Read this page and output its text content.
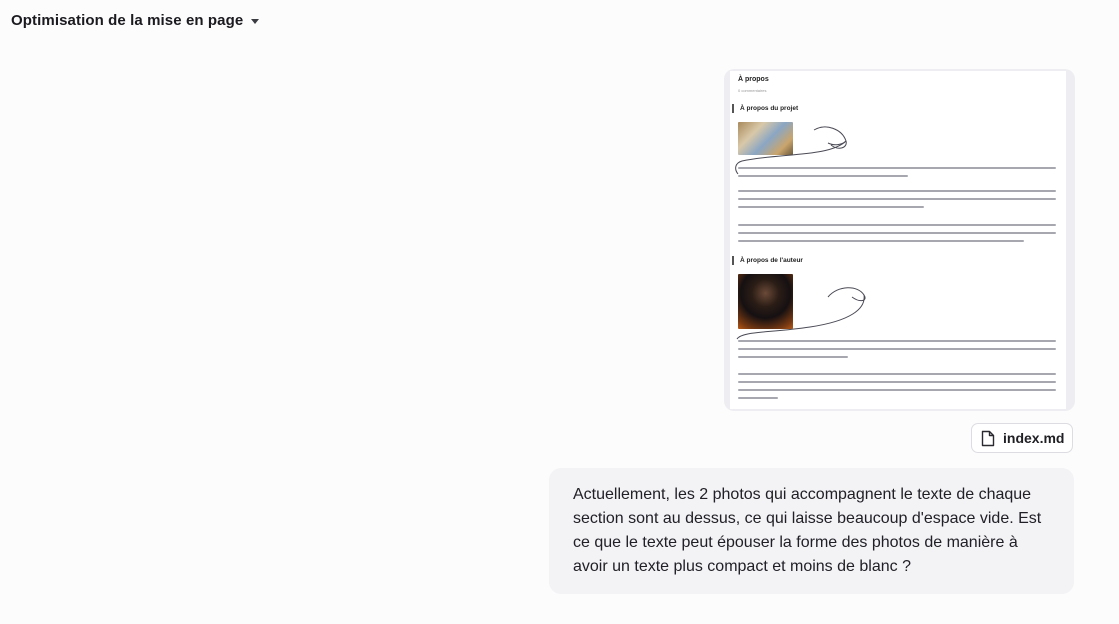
Optimisation de la mise en page
À propos
0 commentaires
À propos du projet
À propos de l'auteur
index.md
Actuellement, les 2 photos qui accompagnent le texte de chaque section sont au dessus, ce qui laisse beaucoup d'espace vide. Est ce que le texte peut épouser la forme des photos de manière à avoir un texte plus compact et moins de blanc ?
